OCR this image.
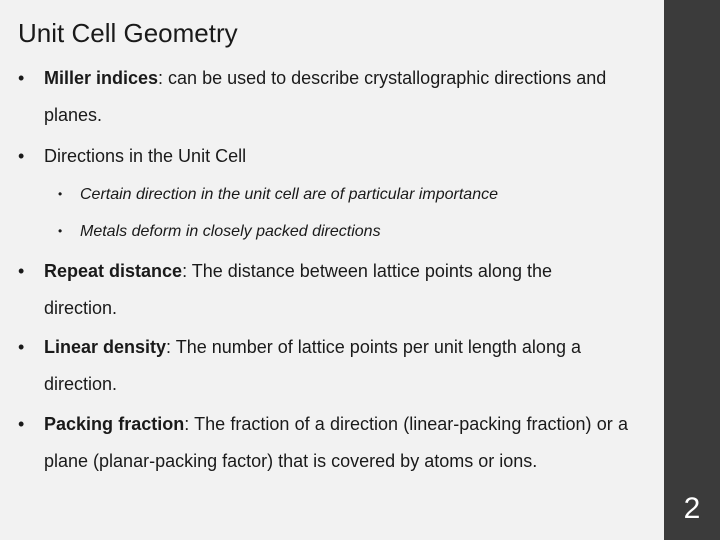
Unit Cell Geometry
• Miller indices: can be used to describe crystallographic directions and planes.
• Directions in the Unit Cell
• Certain direction in the unit cell are of particular importance
• Metals deform in closely packed directions
• Repeat distance: The distance between lattice points along the direction.
• Linear density: The number of lattice points per unit length along a direction.
• Packing fraction: The fraction of a direction (linear-packing fraction) or a plane (planar-packing factor) that is covered by atoms or ions.
2
